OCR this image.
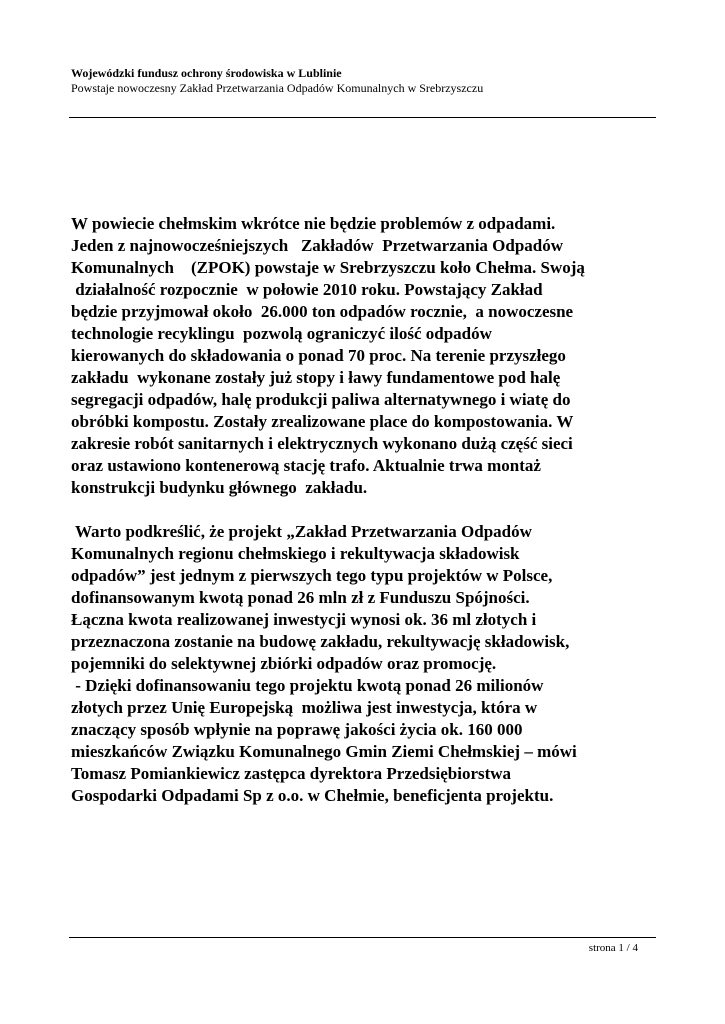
Wojewódzki fundusz ochrony środowiska w Lublinie
Powstaje nowoczesny Zakład Przetwarzania Odpadów Komunalnych w Srebrzyszczu

W powiecie chełmskim wkrótce nie będzie problemów z odpadami.

Jeden z najnowocześniejszych   Zakładów  Przetwarzania Odpadów

Komunalnych    (ZPOK) powstaje w Srebrzyszczu koło Chełma. Swoją

działalność rozpocznie  w połowie 2010 roku. Powstający Zakład

będzie przyjmował około  26.000 ton odpadów rocznie,  a nowoczesne

technologie recyklingu  pozwolą ograniczyć ilość odpadów

kierowanych do składowania o ponad 70 proc. Na terenie przyszłego

zakładu  wykonane zostały już stopy i ławy fundamentowe pod halę

segregacji odpadów, halę produkcji paliwa alternatywnego i wiatę do

obróbki kompostu. Zostały zrealizowane place do kompostowania. W

zakresie robót sanitarnych i elektrycznych wykonano dużą część sieci

oraz ustawiono kontenerową stację trafo. Aktualnie trwa montaż

konstrukcji budynku głównego  zakładu.

Warto podkreślić, że projekt „Zakład Przetwarzania Odpadów

Komunalnych regionu chełmskiego i rekultywacja składowisk

odpadów” jest jednym z pierwszych tego typu projektów w Polsce,

dofinansowanym kwotą ponad 26 mln zł z Funduszu Spójności.

Łączna kwota realizowanej inwestycji wynosi ok. 36 ml złotych i

przeznaczona zostanie na budowę zakładu, rekultywację składowisk,

pojemniki do selektywnej zbiórki odpadów oraz promocję.

- Dzięki dofinansowaniu tego projektu kwotą ponad 26 milionów

złotych przez Unię Europejską  możliwa jest inwestycja, która w

znaczący sposób wpłynie na poprawę jakości życia ok. 160 000

mieszkańców Związku Komunalnego Gmin Ziemi Chełmskiej – mówi

Tomasz Pomiankiewicz zastępca dyrektora Przedsiębiorstwa

Gospodarki Odpadami Sp z o.o. w Chełmie, beneficjenta projektu.

strona 1 / 4
